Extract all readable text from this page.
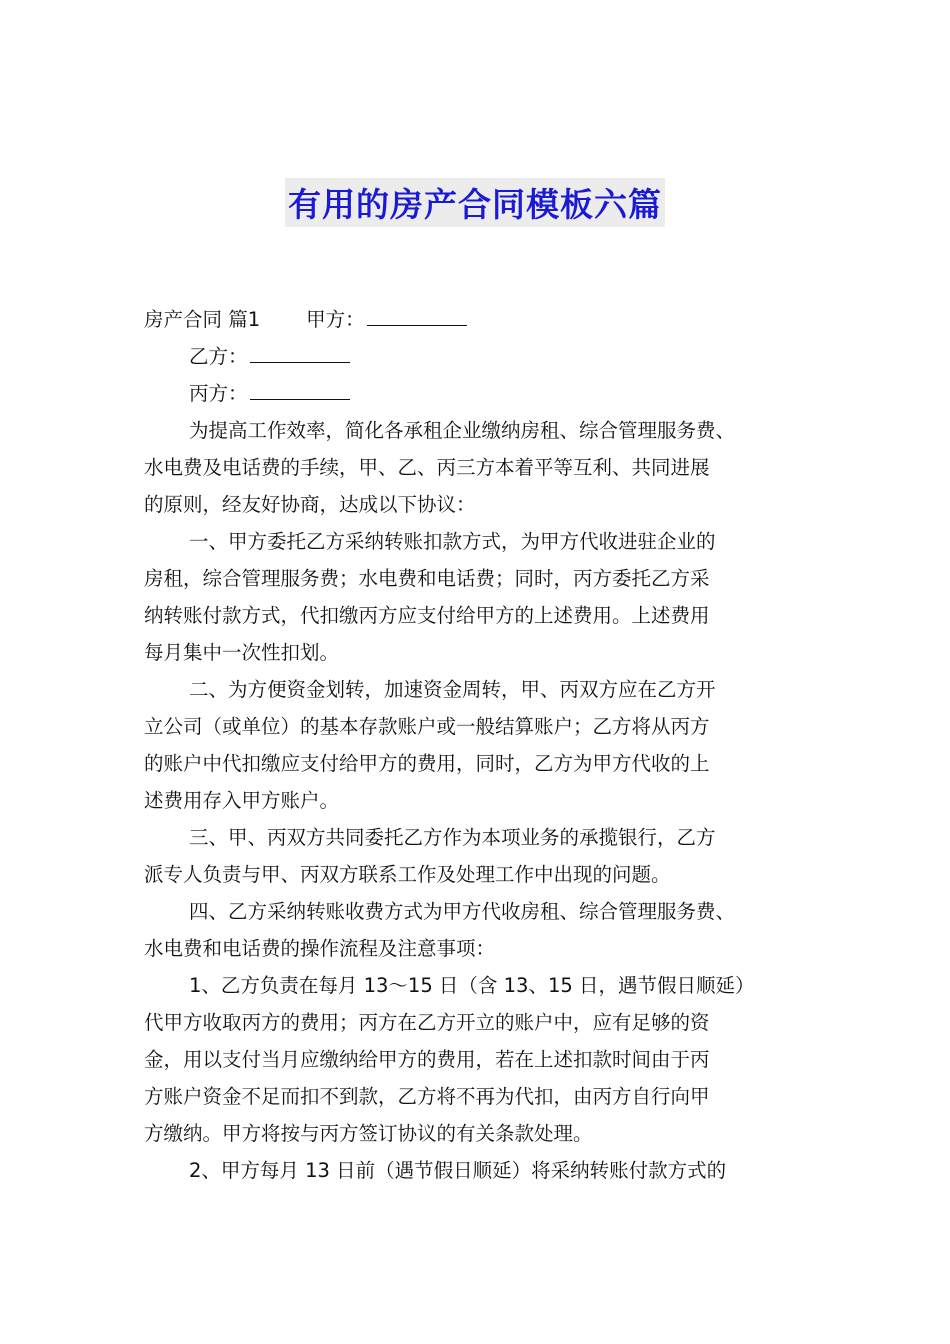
有用的房产合同模板六篇
房产合同 篇1 甲方：
乙方：
丙方：
为提高工作效率，简化各承租企业缴纳房租、综合管理服务费、
水电费及电话费的手续，甲、乙、丙三方本着平等互利、共同进展
的原则，经友好协商，达成以下协议：
一、甲方委托乙方采纳转账扣款方式，为甲方代收进驻企业的
房租，综合管理服务费；水电费和电话费；同时，丙方委托乙方采
纳转账付款方式，代扣缴丙方应支付给甲方的上述费用。上述费用
每月集中一次性扣划。
二、为方便资金划转，加速资金周转，甲、丙双方应在乙方开
立公司（或单位）的基本存款账户或一般结算账户；乙方将从丙方
的账户中代扣缴应支付给甲方的费用，同时，乙方为甲方代收的上
述费用存入甲方账户。
三、甲、丙双方共同委托乙方作为本项业务的承揽银行，乙方
派专人负责与甲、丙双方联系工作及处理工作中出现的问题。
四、乙方采纳转账收费方式为甲方代收房租、综合管理服务费、
水电费和电话费的操作流程及注意事项：
1、乙方负责在每月 13～15 日（含 13、15 日，遇节假日顺延）
代甲方收取丙方的费用；丙方在乙方开立的账户中，应有足够的资
金，用以支付当月应缴纳给甲方的费用，若在上述扣款时间由于丙
方账户资金不足而扣不到款，乙方将不再为代扣，由丙方自行向甲
方缴纳。甲方将按与丙方签订协议的有关条款处理。
2、甲方每月 13 日前（遇节假日顺延）将采纳转账付款方式的
